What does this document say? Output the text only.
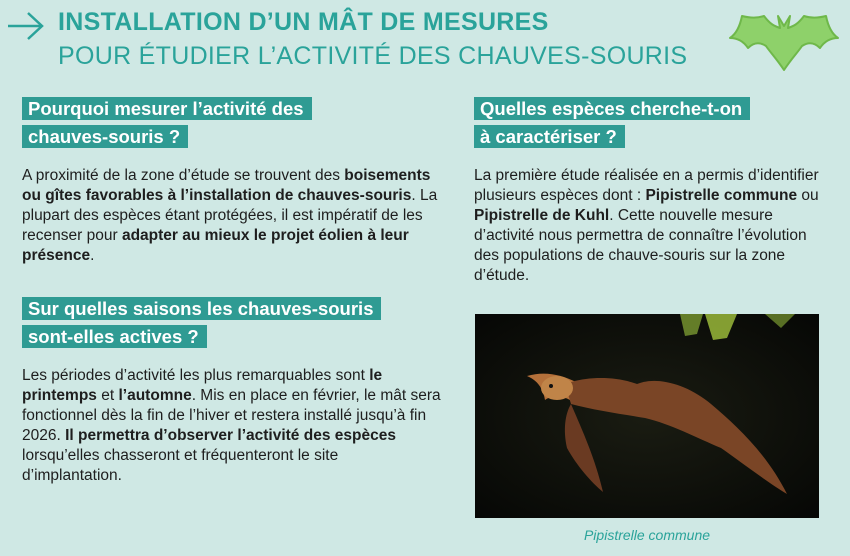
INSTALLATION D’UN MÂT DE MESURES
POUR ÉTUDIER L’ACTIVITÉ DES CHAUVES-SOURIS
Pourquoi mesurer l’activité des
chauves-souris ?

A proximité de la zone d’étude se trouvent des boisements ou gîtes favorables à l’installation de chauves-souris. La plupart des espèces étant protégées, il est impératif de les recenser pour adapter au mieux le projet éolien à leur présence.

Sur quelles saisons les chauves-souris
sont-elles actives ?

Les périodes d’activité les plus remarquables sont le printemps et l’automne. Mis en place en février, le mât sera fonctionnel dès la fin de l’hiver et restera installé jusqu’à fin 2026. Il permettra d’observer l’activité des espèces lorsqu’elles chasseront et fréquenteront le site d’implantation.

Quelles espèces cherche-t-on
à caractériser ?

La première étude réalisée en a permis d’identifier plusieurs espèces dont : Pipistrelle commune ou Pipistrelle de Kuhl. Cette nouvelle mesure d’activité nous permettra de connaître l’évolution des populations de chauve-souris sur la zone d’étude.

Pipistrelle commune
